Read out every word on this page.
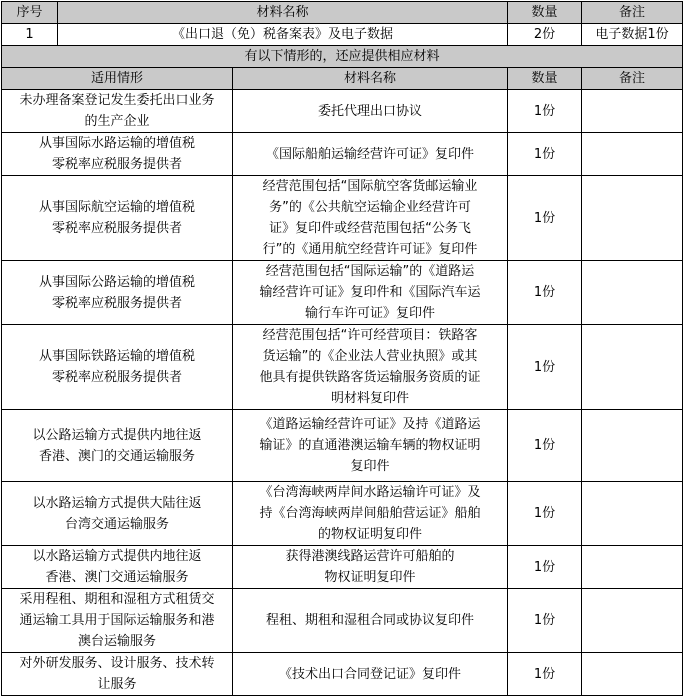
序号	材料名称		数量	备注
1	《出口退（免）税备案表》及电子数据		2份	电子数据1份
有以下情形的，还应提供相应材料				
适用情形		材料名称	数量	备注
未办理备案登记发生委托出口业务
的生产企业		委托代理出口协议	1份	
从事国际水路运输的增值税
零税率应税服务提供者		《国际船舶运输经营许可证》复印件	1份	
从事国际航空运输的增值税
零税率应税服务提供者		经营范围包括“国际航空客货邮运输业
务”的《公共航空运输企业经营许可
证》复印件或经营范围包括“公务飞
行”的《通用航空经营许可证》复印件	1份	
从事国际公路运输的增值税
零税率应税服务提供者		经营范围包括“国际运输”的《道路运
输经营许可证》复印件和《国际汽车运
输行车许可证》复印件	1份	
从事国际铁路运输的增值税
零税率应税服务提供者		经营范围包括“许可经营项目：铁路客
货运输”的《企业法人营业执照》或其
他具有提供铁路客货运输服务资质的证
明材料复印件	1份	
以公路运输方式提供内地往返
香港、澳门的交通运输服务		《道路运输经营许可证》及持《道路运
输证》的直通港澳运输车辆的物权证明
复印件	1份	
以水路运输方式提供大陆往返
台湾交通运输服务		《台湾海峡两岸间水路运输许可证》及
持《台湾海峡两岸间船舶营运证》船舶
的物权证明复印件	1份	
以水路运输方式提供内地往返
香港、澳门交通运输服务		获得港澳线路运营许可船舶的
物权证明复印件	1份	
采用程租、期租和湿租方式租赁交
通运输工具用于国际运输服务和港
澳台运输服务		程租、期租和湿租合同或协议复印件	1份	
对外研发服务、设计服务、技术转
让服务		《技术出口合同登记证》复印件	1份	
